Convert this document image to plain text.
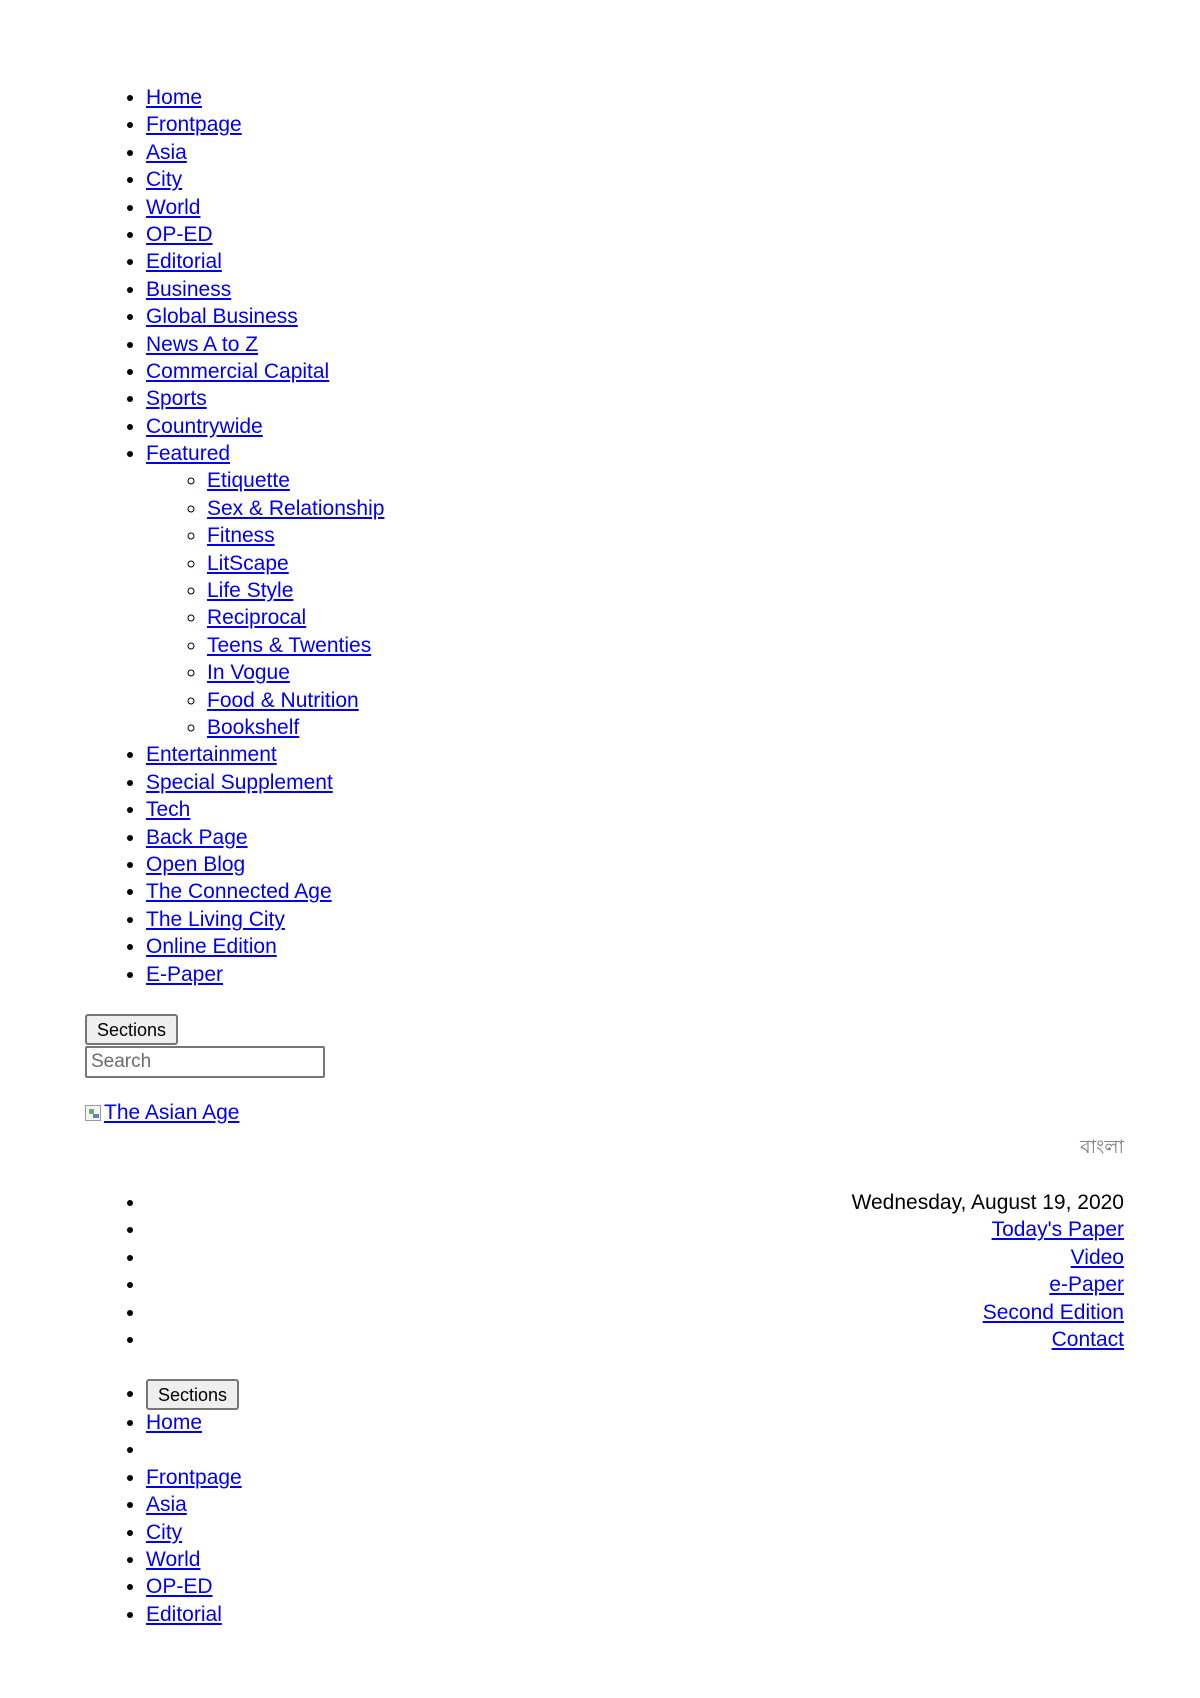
• Home
• Frontpage
• Asia
• City
• World
• OP-ED
• Editorial
• Business
• Global Business
• News A to Z
• Commercial Capital
• Sports
• Countrywide
• Featured
◦ Etiquette
◦ Sex & Relationship
◦ Fitness
◦ LitScape
◦ Life Style
◦ Reciprocal
◦ Teens & Twenties
◦ In Vogue
◦ Food & Nutrition
◦ Bookshelf
• Entertainment
• Special Supplement
• Tech
• Back Page
• Open Blog
• The Connected Age
• The Living City
• Online Edition
• E-Paper
Sections
Search
The Asian Age
বাংলা
• Wednesday, August 19, 2020
• Today's Paper
• Video
• e-Paper
• Second Edition
• Contact
• Sections
• Home
•
• Frontpage
• Asia
• City
• World
• OP-ED
• Editorial
